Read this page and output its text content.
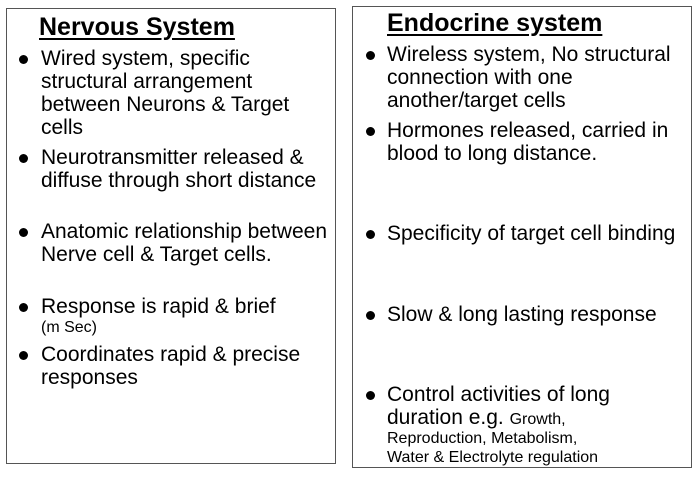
Nervous System
Wired system, specific structural arrangement between Neurons & Target cells
Neurotransmitter released & diffuse through short distance
Anatomic relationship between Nerve cell & Target cells.
Response is rapid & brief
(m Sec)
Coordinates rapid & precise responses
Endocrine system
Wireless system, No structural connection with one another/target cells
Hormones released, carried in blood to long distance.
Specificity of target cell binding
Slow & long lasting response
Control activities of long duration e.g. Growth,
Reproduction, Metabolism,
Water & Electrolyte regulation
